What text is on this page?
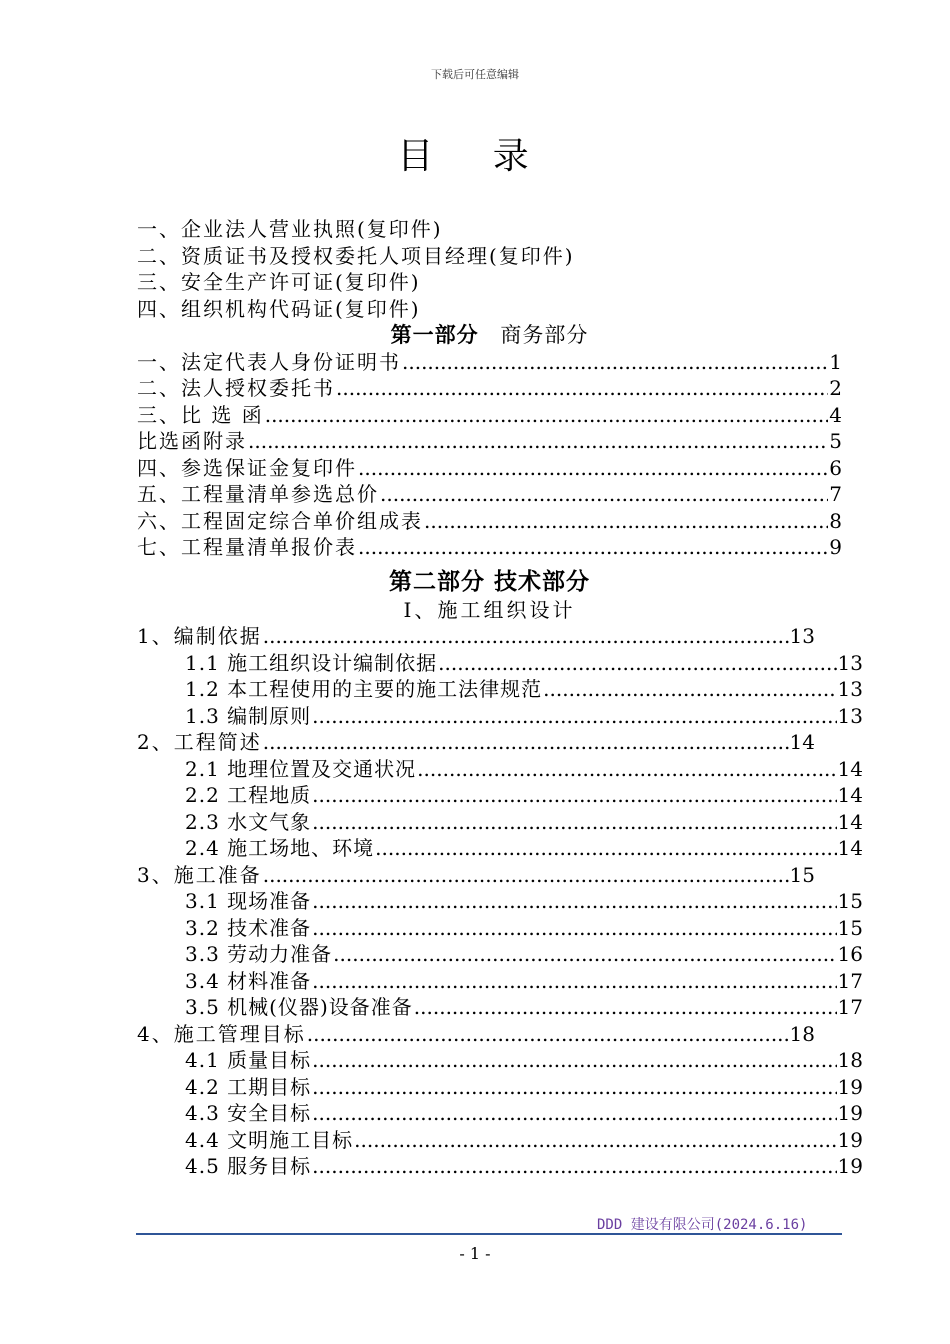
下载后可任意编辑
目 录
一、企业法人营业执照(复印件)
二、资质证书及授权委托人项目经理(复印件)
三、安全生产许可证(复印件)
四、组织机构代码证(复印件)
第一部分 商务部分
一、法定代表人身份证明书 .....	1
二、法人授权委托书 .....	2
三、比 选 函 .....	4
比选函附录 .....	5
四、参选保证金复印件 .....	6
五、工程量清单参选总价 .....	7
六、工程固定综合单价组成表 .....	8
七、工程量清单报价表 .....	9
第二部分 技术部分
Ⅰ、施工组织设计
1、编制依据 .....	13
1.1 施工组织设计编制依据 .....	13
1.2 本工程使用的主要的施工法律规范 .....	13
1.3 编制原则 .....	13
2、工程简述 .....	14
2.1 地理位置及交通状况 .....	14
2.2 工程地质 .....	14
2.3 水文气象 .....	14
2.4 施工场地、环境 .....	14
3、施工准备 .....	15
3.1 现场准备 .....	15
3.2 技术准备 .....	15
3.3 劳动力准备 .....	16
3.4 材料准备 .....	17
3.5 机械(仪器)设备准备 .....	17
4、施工管理目标 .....	18
4.1 质量目标 .....	18
4.2 工期目标 .....	19
4.3 安全目标 .....	19
4.4 文明施工目标 .....	19
4.5 服务目标 .....	19
DDD 建设有限公司(2024.6.16)
- 1 -
